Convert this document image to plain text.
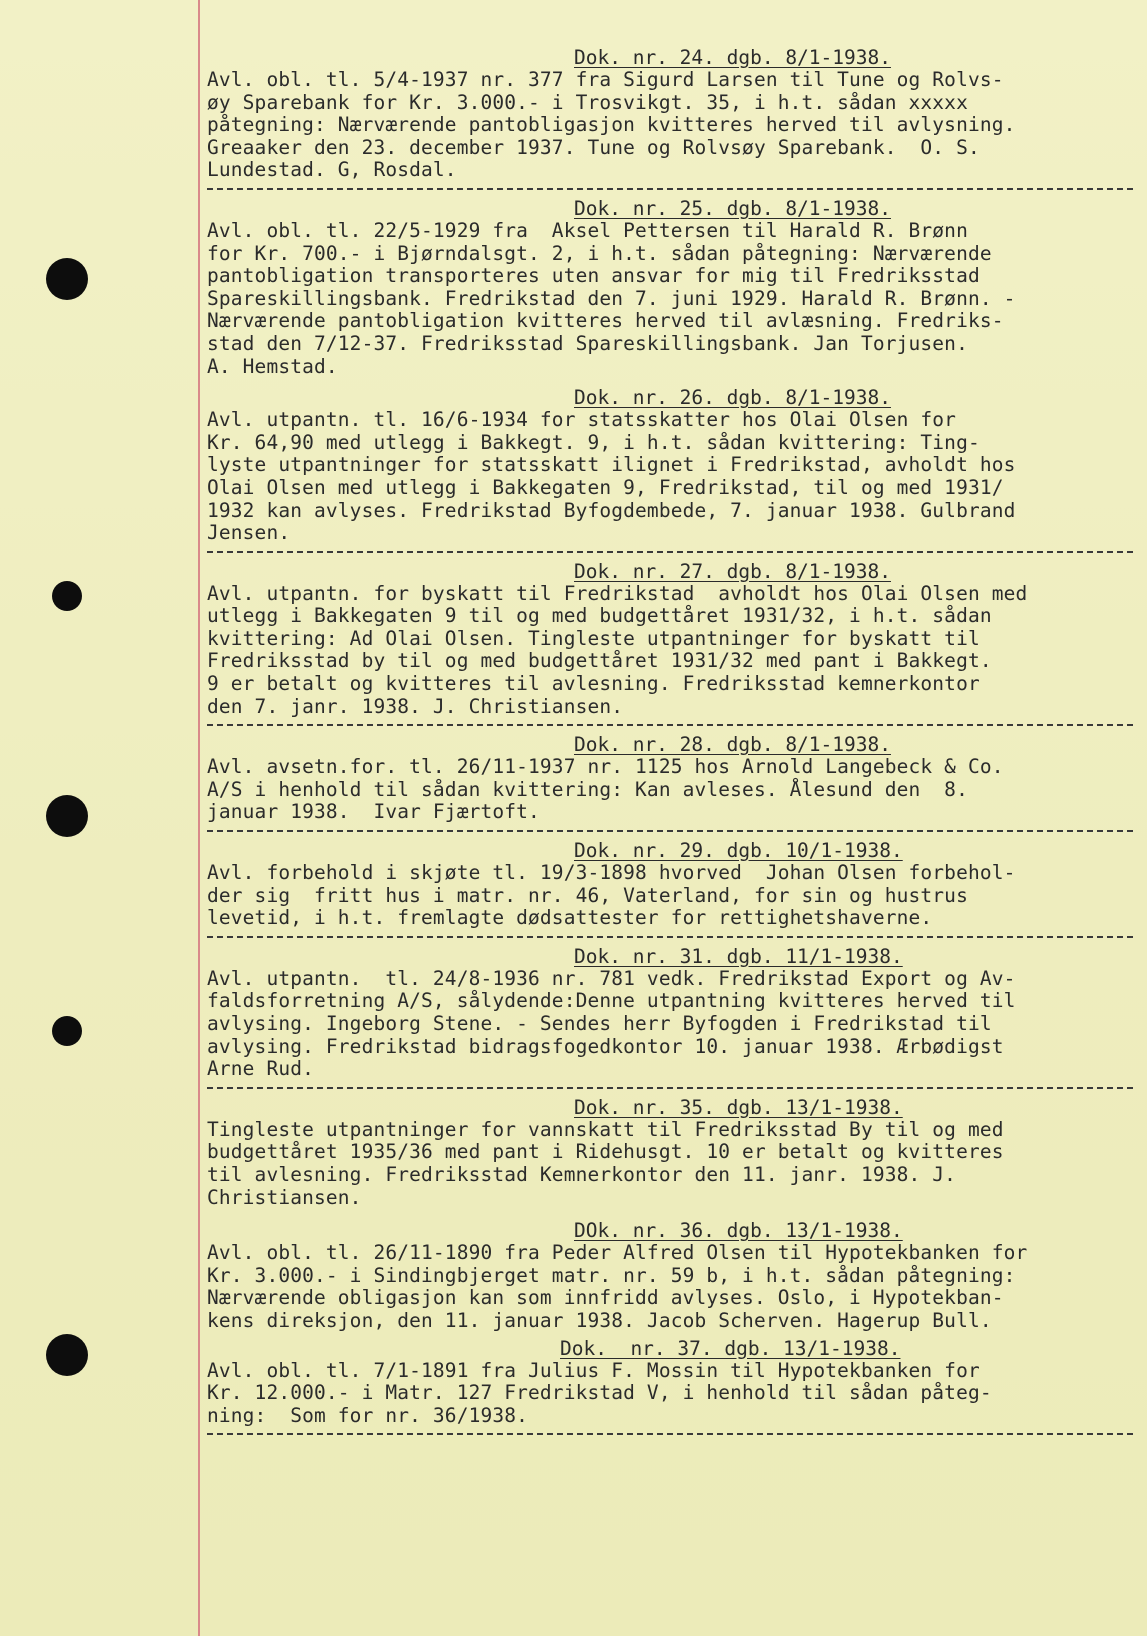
Dok. nr. 24. dgb. 8/1-1938.
Avl. obl. tl. 5/4-1937 nr. 377 fra Sigurd Larsen til Tune og Rolvs-
øy Sparebank for Kr. 3.000.- i Trosvikgt. 35, i h.t. sådan xxxxx
påtegning: Nærværende pantobligasjon kvitteres herved til avlysning.
Greaaker den 23. december 1937. Tune og Rolvsøy Sparebank.  O. S.
Lundestad. G, Rosdal.
Dok. nr. 25. dgb. 8/1-1938.
Avl. obl. tl. 22/5-1929 fra  Aksel Pettersen til Harald R. Brønn
for Kr. 700.- i Bjørndalsgt. 2, i h.t. sådan påtegning: Nærværende
pantobligation transporteres uten ansvar for mig til Fredriksstad
Spareskillingsbank. Fredrikstad den 7. juni 1929. Harald R. Brønn. -
Nærværende pantobligation kvitteres herved til avlæsning. Fredriks-
stad den 7/12-37. Fredriksstad Spareskillingsbank. Jan Torjusen.
A. Hemstad.
Dok. nr. 26. dgb. 8/1-1938.
Avl. utpantn. tl. 16/6-1934 for statsskatter hos Olai Olsen for
Kr. 64,90 med utlegg i Bakkegt. 9, i h.t. sådan kvittering: Ting-
lyste utpantninger for statsskatt ilignet i Fredrikstad, avholdt hos
Olai Olsen med utlegg i Bakkegaten 9, Fredrikstad, til og med 1931/
1932 kan avlyses. Fredrikstad Byfogdembede, 7. januar 1938. Gulbrand
Jensen.
Dok. nr. 27. dgb. 8/1-1938.
Avl. utpantn. for byskatt til Fredrikstad  avholdt hos Olai Olsen med
utlegg i Bakkegaten 9 til og med budgettåret 1931/32, i h.t. sådan
kvittering: Ad Olai Olsen. Tingleste utpantninger for byskatt til
Fredriksstad by til og med budgettåret 1931/32 med pant i Bakkegt.
9 er betalt og kvitteres til avlesning. Fredriksstad kemnerkontor
den 7. janr. 1938. J. Christiansen.
Dok. nr. 28. dgb. 8/1-1938.
Avl. avsetn.for. tl. 26/11-1937 nr. 1125 hos Arnold Langebeck & Co.
A/S i henhold til sådan kvittering: Kan avleses. Ålesund den  8.
januar 1938.  Ivar Fjærtoft.
Dok. nr. 29. dgb. 10/1-1938.
Avl. forbehold i skjøte tl. 19/3-1898 hvorved  Johan Olsen forbehol-
der sig  fritt hus i matr. nr. 46, Vaterland, for sin og hustrus
levetid, i h.t. fremlagte dødsattester for rettighetshaverne.
Dok. nr. 31. dgb. 11/1-1938.
Avl. utpantn.  tl. 24/8-1936 nr. 781 vedk. Fredrikstad Export og Av-
faldsforretning A/S, sålydende:Denne utpantning kvitteres herved til
avlysing. Ingeborg Stene. - Sendes herr Byfogden i Fredrikstad til
avlysing. Fredrikstad bidragsfogedkontor 10. januar 1938. Ærbødigst
Arne Rud.
Dok. nr. 35. dgb. 13/1-1938.
Tingleste utpantninger for vannskatt til Fredriksstad By til og med
budgettåret 1935/36 med pant i Ridehusgt. 10 er betalt og kvitteres
til avlesning. Fredriksstad Kemnerkontor den 11. janr. 1938. J.
Christiansen.
DOk. nr. 36. dgb. 13/1-1938.
Avl. obl. tl. 26/11-1890 fra Peder Alfred Olsen til Hypotekbanken for
Kr. 3.000.- i Sindingbjerget matr. nr. 59 b, i h.t. sådan påtegning:
Nærværende obligasjon kan som innfridd avlyses. Oslo, i Hypotekban-
kens direksjon, den 11. januar 1938. Jacob Scherven. Hagerup Bull.
Dok.  nr. 37. dgb. 13/1-1938.
Avl. obl. tl. 7/1-1891 fra Julius F. Mossin til Hypotekbanken for
Kr. 12.000.- i Matr. 127 Fredrikstad V, i henhold til sådan påteg-
ning:  Som for nr. 36/1938.
